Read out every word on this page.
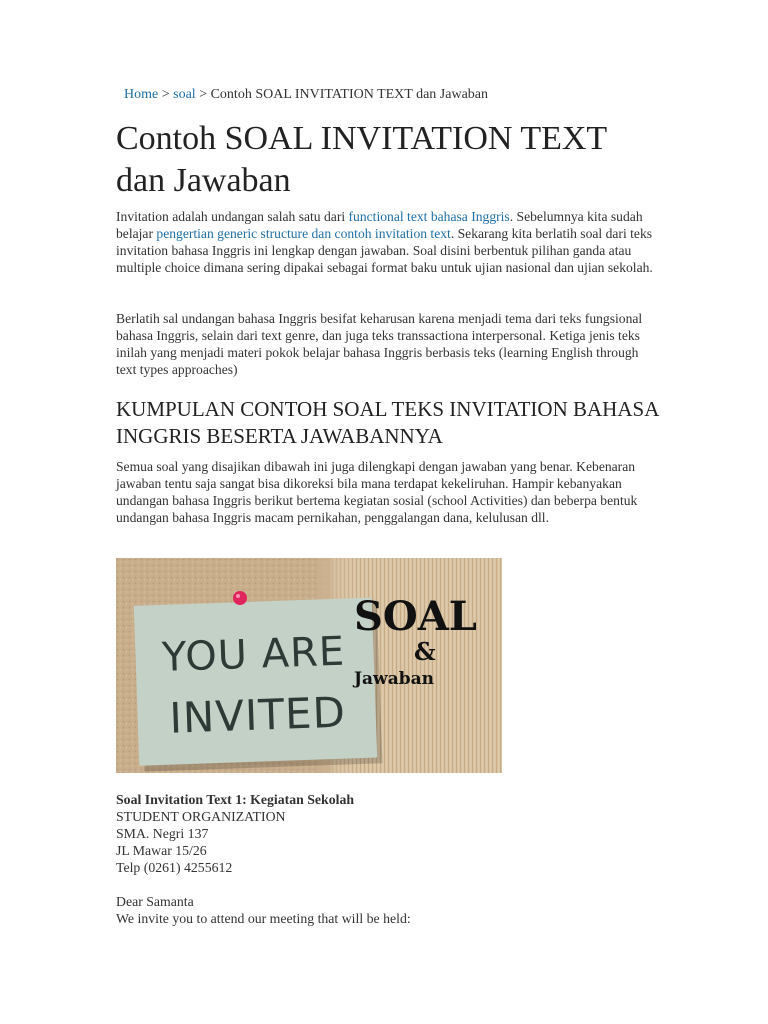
Home > soal > Contoh SOAL INVITATION TEXT dan Jawaban
Contoh SOAL INVITATION TEXT dan Jawaban

Invitation adalah undangan salah satu dari functional text bahasa Inggris. Sebelumnya kita sudah belajar pengertian generic structure dan contoh invitation text. Sekarang kita berlatih soal dari teks invitation bahasa Inggris ini lengkap dengan jawaban. Soal disini berbentuk pilihan ganda atau multiple choice dimana sering dipakai sebagai format baku untuk ujian nasional dan ujian sekolah.

Berlatih sal undangan bahasa Inggris besifat keharusan karena menjadi tema dari teks fungsional bahasa Inggris, selain dari text genre, dan juga teks transsactiona interpersonal. Ketiga jenis teks inilah yang menjadi materi pokok belajar bahasa Inggris berbasis teks (learning English through text types approaches)

KUMPULAN CONTOH SOAL TEKS INVITATION BAHASA INGGRIS BESERTA JAWABANNYA

Semua soal yang disajikan dibawah ini juga dilengkapi dengan jawaban yang benar. Kebenaran jawaban tentu saja sangat bisa dikoreksi bila mana terdapat kekeliruhan. Hampir kebanyakan undangan bahasa Inggris berikut bertema kegiatan sosial (school Activities) dan beberpa bentuk undangan bahasa Inggris macam pernikahan, penggalangan dana, kelulusan dll.

YOU ARE
INVITED
SOAL
&
Jawaban
Soal Invitation Text 1: Kegiatan Sekolah
STUDENT ORGANIZATION
SMA. Negri 137
JL Mawar 15/26
Telp (0261) 4255612
Dear Samanta
We invite you to attend our meeting that will be held:
